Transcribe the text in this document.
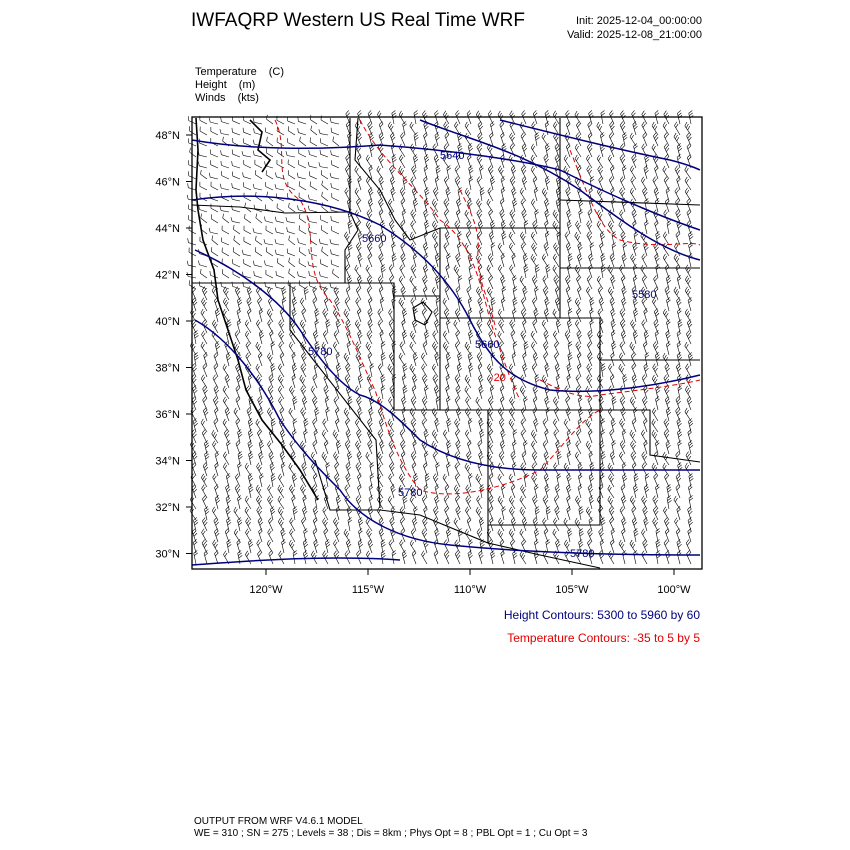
IWFAQRP Western US Real Time WRF	Init: 2025-12-04_00:00:00
Valid: 2025-12-08_21:00:00
Temperature (C)
Height (m)
Winds (kts)
5640
5660
5580
5780
5660
5780
5780
-20
48°N
46°N
44°N
42°N
40°N
38°N
36°N
34°N
32°N
30°N
120°W	115°W	110°W	105°W	100°W
Height Contours: 5300 to 5960 by 60
Temperature Contours: -35 to 5 by 5
OUTPUT FROM WRF V4.6.1 MODEL
WE = 310 ; SN = 275 ; Levels = 38 ; Dis = 8km ; Phys Opt = 8 ; PBL Opt = 1 ; Cu Opt = 3
